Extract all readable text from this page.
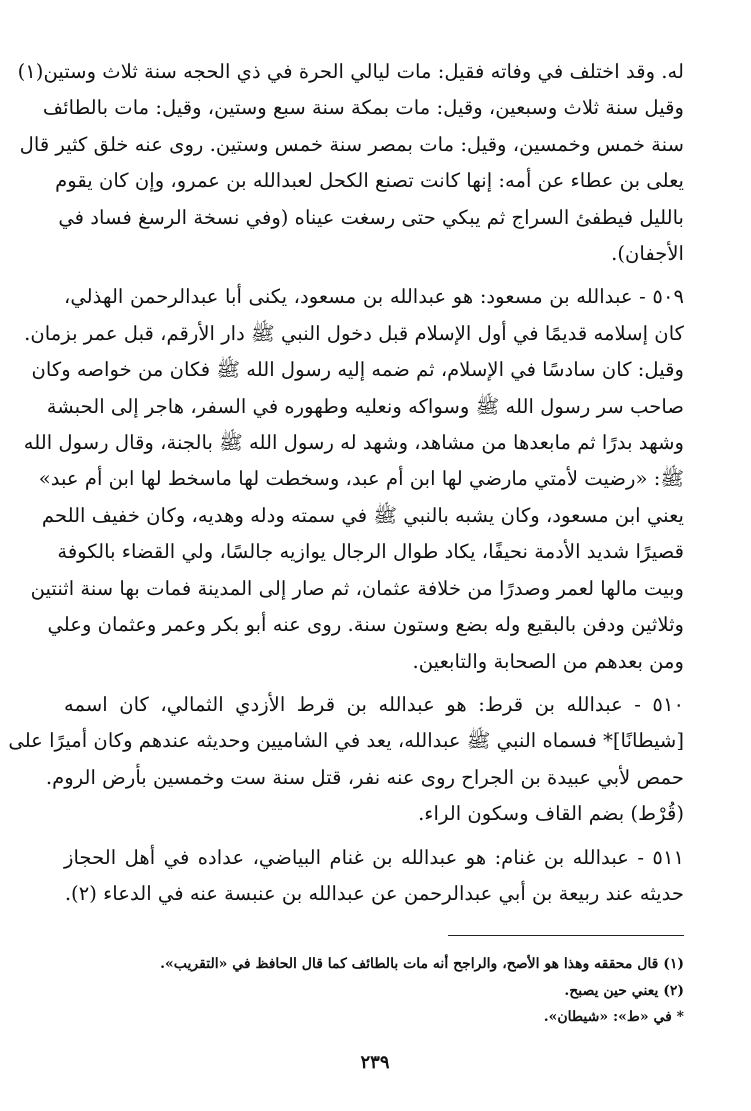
له. وقد اختلف في وفاته فقيل: مات ليالي الحرة في ذي الحجه سنة ثلاث وستين(١)
وقيل سنة ثلاث وسبعين، وقيل: مات بمكة سنة سبع وستين، وقيل: مات بالطائف
سنة خمس وخمسين، وقيل: مات بمصر سنة خمس وستين. روى عنه خلق كثير قال
يعلى بن عطاء عن أمه: إنها كانت تصنع الكحل لعبدالله بن عمرو، وإن كان يقوم
بالليل فيطفئ السراج ثم يبكي حتى رسغت عيناه (وفي نسخة الرسغ فساد في
الأجفان).

٥٠٩ - عبدالله بن مسعود: هو عبدالله بن مسعود، يكنى أبا عبدالرحمن الهذلي،
كان إسلامه قديمًا في أول الإسلام قبل دخول النبي ﷺ دار الأرقم، قبل عمر بزمان.
وقيل: كان سادسًا في الإسلام، ثم ضمه إليه رسول الله ﷺ فكان من خواصه وكان
صاحب سر رسول الله ﷺ وسواكه ونعليه وطهوره في السفر، هاجر إلى الحبشة
وشهد بدرًا ثم مابعدها من مشاهد، وشهد له رسول الله ﷺ بالجنة، وقال رسول الله
ﷺ: «رضيت لأمتي مارضي لها ابن أم عبد، وسخطت لها ماسخط لها ابن أم عبد»
يعني ابن مسعود، وكان يشبه بالنبي ﷺ في سمته ودله وهديه، وكان خفيف اللحم
قصيرًا شديد الأدمة نحيفًا، يكاد طوال الرجال يوازيه جالسًا، ولي القضاء بالكوفة
وبيت مالها لعمر وصدرًا من خلافة عثمان، ثم صار إلى المدينة فمات بها سنة اثنتين
وثلاثين ودفن بالبقيع وله بضع وستون سنة. روى عنه أبو بكر وعمر وعثمان وعلي
ومن بعدهم من الصحابة والتابعين.

٥١٠ - عبدالله بن قرط: هو عبدالله بن قرط الأزدي الثمالي، كان اسمه
[شيطانًا]* فسماه النبي ﷺ عبدالله، يعد في الشاميين وحديثه عندهم وكان أميرًا على
حمص لأبي عبيدة بن الجراح روى عنه نفر، قتل سنة ست وخمسين بأرض الروم.
(قُرْط) بضم القاف وسكون الراء.

٥١١ - عبدالله بن غنام: هو عبدالله بن غنام البياضي، عداده في أهل الحجاز
حديثه عند ربيعة بن أبي عبدالرحمن عن عبدالله بن عنبسة عنه في الدعاء (٢).

(١) قال محققه وهذا هو الأصح، والراجح أنه مات بالطائف كما قال الحافظ في «التقريب».
(٢) يعني حين يصبح.
* في «ط»: «شيطان».
٢٣٩
